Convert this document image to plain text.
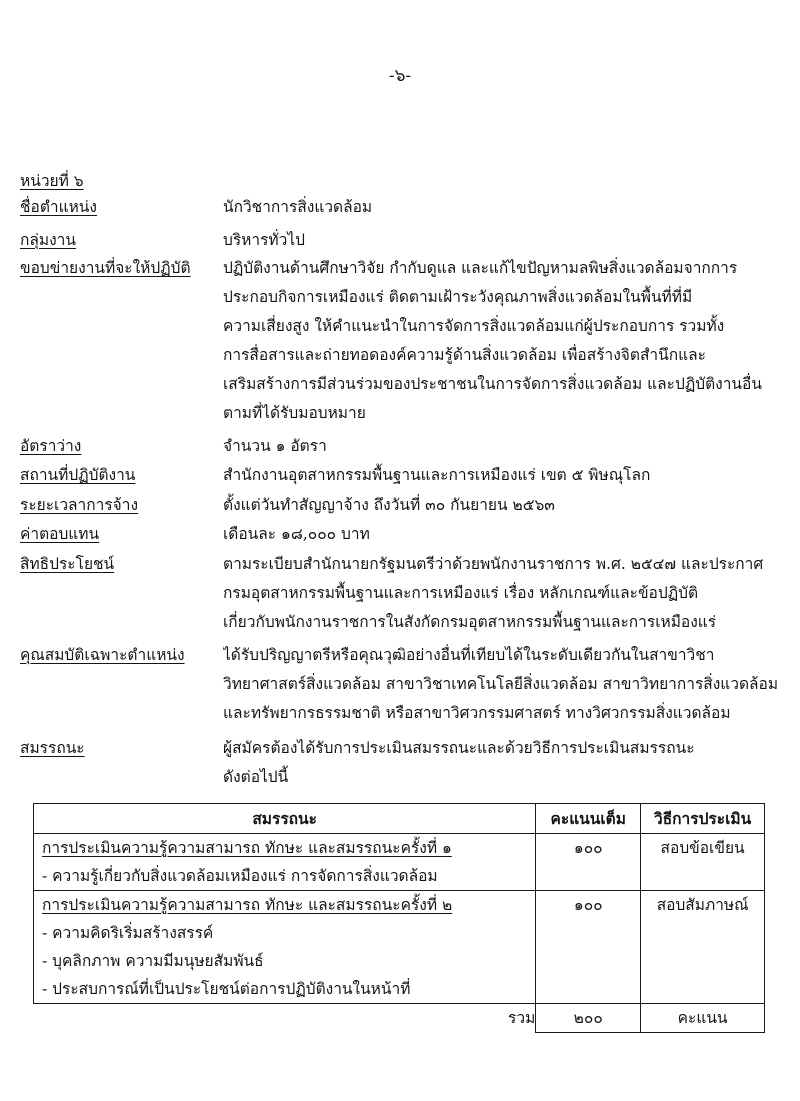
-๖-
หน่วยที่ ๖
ชื่อตำแหน่ง	นักวิชาการสิ่งแวดล้อม
กลุ่มงาน	บริหารทั่วไป
ขอบข่ายงานที่จะให้ปฏิบัติ ปฏิบัติงานด้านศึกษาวิจัย กำกับดูแล และแก้ไขปัญหามลพิษสิ่งแวดล้อมจากการ
ประกอบกิจการเหมืองแร่ ติดตามเฝ้าระวังคุณภาพสิ่งแวดล้อมในพื้นที่ที่มี
ความเสี่ยงสูง ให้คำแนะนำในการจัดการสิ่งแวดล้อมแก่ผู้ประกอบการ รวมทั้ง
การสื่อสารและถ่ายทอดองค์ความรู้ด้านสิ่งแวดล้อม เพื่อสร้างจิตสำนึกและ
เสริมสร้างการมีส่วนร่วมของประชาชนในการจัดการสิ่งแวดล้อม และปฏิบัติงานอื่น
ตามที่ได้รับมอบหมาย
อัตราว่าง	จำนวน ๑ อัตรา
สถานที่ปฏิบัติงาน	สำนักงานอุตสาหกรรมพื้นฐานและการเหมืองแร่ เขต ๕ พิษณุโลก
ระยะเวลาการจ้าง	ตั้งแต่วันทำสัญญาจ้าง ถึงวันที่ ๓๐ กันยายน ๒๕๖๓
ค่าตอบแทน	เดือนละ ๑๘,๐๐๐ บาท
สิทธิประโยชน์	ตามระเบียบสำนักนายกรัฐมนตรีว่าด้วยพนักงานราชการ พ.ศ. ๒๕๔๗ และประกาศ
กรมอุตสาหกรรมพื้นฐานและการเหมืองแร่ เรื่อง หลักเกณฑ์และข้อปฏิบัติ
เกี่ยวกับพนักงานราชการในสังกัดกรมอุตสาหกรรมพื้นฐานและการเหมืองแร่
คุณสมบัติเฉพาะตำแหน่ง ได้รับปริญญาตรีหรือคุณวุฒิอย่างอื่นที่เทียบได้ในระดับเดียวกันในสาขาวิชา
วิทยาศาสตร์สิ่งแวดล้อม สาขาวิชาเทคโนโลยีสิ่งแวดล้อม สาขาวิทยาการสิ่งแวดล้อม
และทรัพยากรธรรมชาติ หรือสาขาวิศวกรรมศาสตร์ ทางวิศวกรรมสิ่งแวดล้อม
สมรรถนะ	ผู้สมัครต้องได้รับการประเมินสมรรถนะและด้วยวิธีการประเมินสมรรถนะ
ดังต่อไปนี้
สมรรถนะ	คะแนนเต็ม	วิธีการประเมิน

การประเมินความรู้ความสามารถ ทักษะ และสมรรถนะครั้งที่ ๑
- ความรู้เกี่ยวกับสิ่งแวดล้อมเหมืองแร่ การจัดการสิ่งแวดล้อม	๑๐๐	สอบข้อเขียน

การประเมินความรู้ความสามารถ ทักษะ และสมรรถนะครั้งที่ ๒
- ความคิดริเริ่มสร้างสรรค์
- บุคลิกภาพ ความมีมนุษยสัมพันธ์
- ประสบการณ์ที่เป็นประโยชน์ต่อการปฏิบัติงานในหน้าที่	๑๐๐	สอบสัมภาษณ์

รวม	๒๐๐	คะแนน
